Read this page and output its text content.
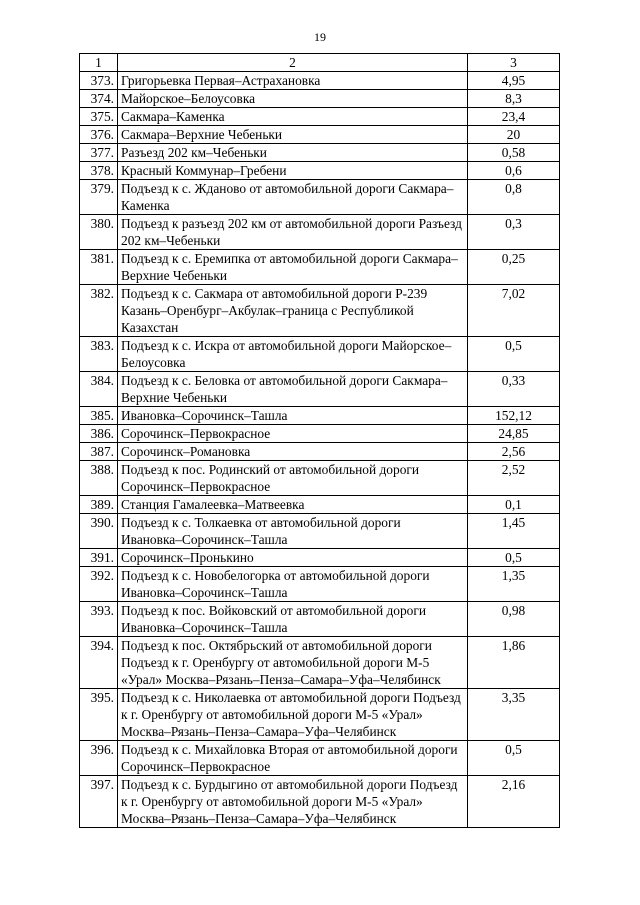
19
1	2	3
373.	Григорьевка Первая–Астрахановка	4,95
374.	Майорское–Белоусовка	8,3
375.	Сакмара–Каменка	23,4
376.	Сакмара–Верхние Чебеньки	20
377.	Разъезд 202 км–Чебеньки	0,58
378.	Красный Коммунар–Гребени	0,6
379.	Подъезд к с. Жданово от автомобильной дороги Сакмара–Каменка	0,8
380.	Подъезд к разъезд 202 км от автомобильной дороги Разъезд 202 км–Чебеньки	0,3
381.	Подъезд к с. Еремипка от автомобильной дороги Сакмара–Верхние Чебеньки	0,25
382.	Подъезд к с. Сакмара от автомобильной дороги Р-239 Казань–Оренбург–Акбулак–граница с Республикой Казахстан	7,02
383.	Подъезд к с. Искра от автомобильной дороги Майорское–Белоусовка	0,5
384.	Подъезд к с. Беловка от автомобильной дороги Сакмара–Верхние Чебеньки	0,33
385.	Ивановка–Сорочинск–Ташла	152,12
386.	Сорочинск–Первокрасное	24,85
387.	Сорочинск–Романовка	2,56
388.	Подъезд к пос. Родинский от автомобильной дороги Сорочинск–Первокрасное	2,52
389.	Станция Гамалеевка–Матвеевка	0,1
390.	Подъезд к с. Толкаевка от автомобильной дороги Ивановка–Сорочинск–Ташла	1,45
391.	Сорочинск–Пронькино	0,5
392.	Подъезд к с. Новобелогорка от автомобильной дороги Ивановка–Сорочинск–Ташла	1,35
393.	Подъезд к пос. Войковский от автомобильной дороги Ивановка–Сорочинск–Ташла	0,98
394.	Подъезд к пос. Октябрьский от автомобильной дороги Подъезд к г. Оренбургу от автомобильной дороги М-5 «Урал» Москва–Рязань–Пенза–Самара–Уфа–Челябинск	1,86
395.	Подъезд к с. Николаевка от автомобильной дороги Подъезд к г. Оренбургу от автомобильной дороги М-5 «Урал» Москва–Рязань–Пенза–Самара–Уфа–Челябинск	3,35
396.	Подъезд к с. Михайловка Вторая от автомобильной дороги Сорочинск–Первокрасное	0,5
397.	Подъезд к с. Бурдыгино от автомобильной дороги Подъезд к г. Оренбургу от автомобильной дороги М-5 «Урал» Москва–Рязань–Пенза–Самара–Уфа–Челябинск	2,16
